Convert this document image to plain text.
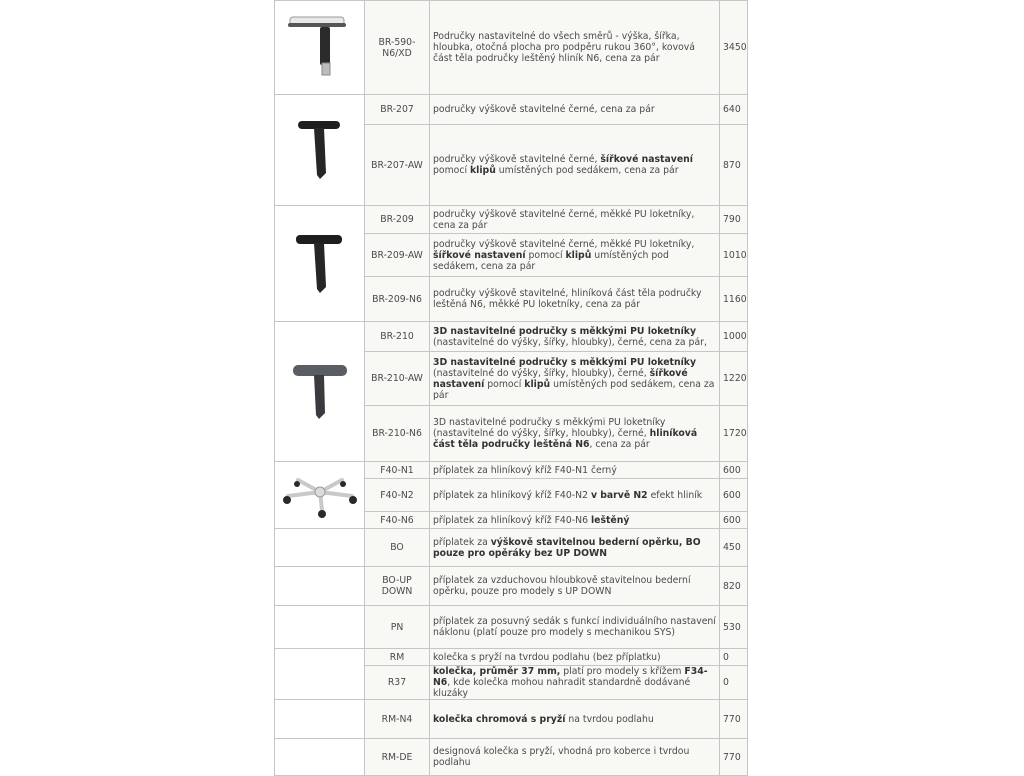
	BR-590-N6/XD	Područky nastavitelné do všech směrů - výška, šířka, hloubka, otočná plocha pro podpěru rukou 360°, kovová část těla područky leštěný hliník N6, cena za pár	3450

	BR-207	područky výškově stavitelné černé, cena za pár	640
	BR-207-AW	područky výškově stavitelné černé, šířkové nastavení pomocí klipů umístěných pod sedákem, cena za pár	870

	BR-209	područky výškově stavitelné černé, měkké PU loketníky, cena za pár	790
	BR-209-AW	područky výškově stavitelné černé, měkké PU loketníky, šířkové nastavení pomocí klipů umístěných pod sedákem, cena za pár	1010
	BR-209-N6	područky výškově stavitelné, hliníková část těla područky leštěná N6, měkké PU loketníky, cena za pár	1160

	BR-210	3D nastavitelné područky s měkkými PU loketníky (nastavitelné do výšky, šířky, hloubky), černé, cena za pár,	1000
	BR-210-AW	3D nastavitelné područky s měkkými PU loketníky (nastavitelné do výšky, šířky, hloubky), černé, šířkové nastavení pomocí klipů umístěných pod sedákem, cena za pár	1220
	BR-210-N6	3D nastavitelné područky s měkkými PU loketníky (nastavitelné do výšky, šířky, hloubky), černé, hliníková část těla područky leštěná N6, cena za pár	1720

	F40-N1	příplatek za hliníkový kříž F40-N1 černý	600
	F40-N2	příplatek za hliníkový kříž F40-N2 v barvě N2 efekt hliník	600
	F40-N6	příplatek za hliníkový kříž F40-N6 leštěný	600
	BO	příplatek za výškově stavitelnou bederní opěrku, BO pouze pro opěráky bez UP DOWN	450
	BO-UP DOWN	příplatek za vzduchovou hloubkově stavitelnou bederní opěrku, pouze pro modely s UP DOWN	820
	PN	příplatek za posuvný sedák s funkcí individuálního nastavení náklonu (platí pouze pro modely s mechanikou SYS)	530
	RM	kolečka s pryží na tvrdou podlahu (bez příplatku)	0
	R37	kolečka, průměr 37 mm, platí pro modely s křížem F34-N6, kde kolečka mohou nahradit standardně dodávané kluzáky	0
	RM-N4	kolečka chromová s pryží na tvrdou podlahu	770
	RM-DE	designová kolečka s pryží, vhodná pro koberce i tvrdou podlahu	770
